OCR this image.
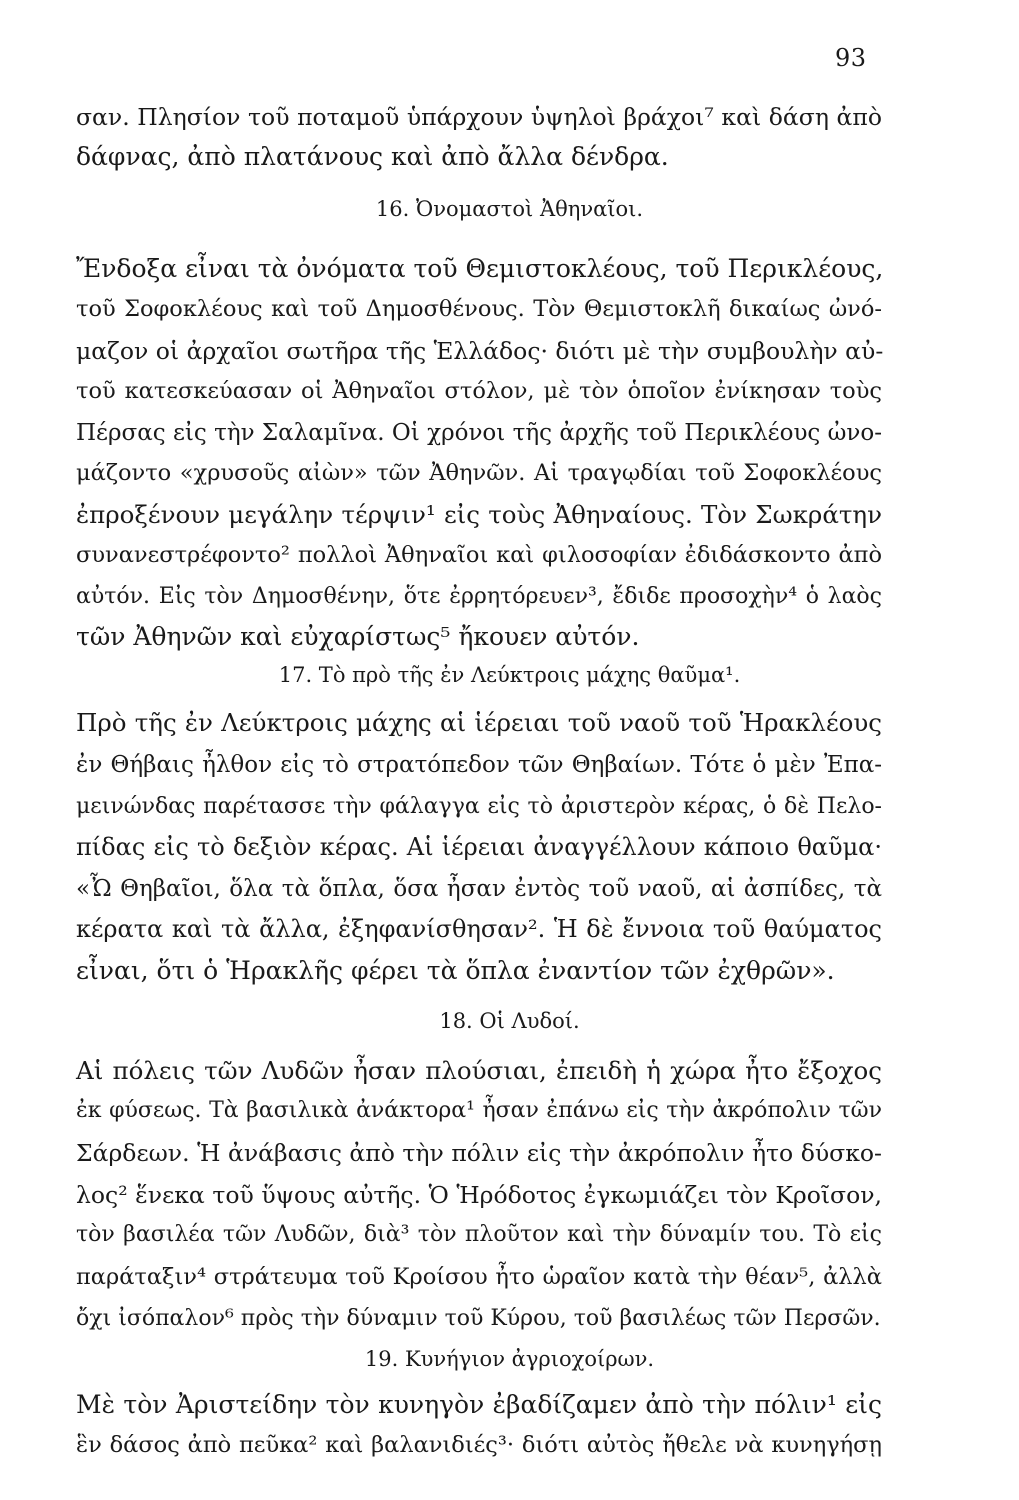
93
σαν. Πλησίον τοῦ ποταμοῦ ὑπάρχουν ὑψηλοὶ βράχοι⁷ καὶ δάση ἀπὸ
δάφνας, ἀπὸ πλατάνους καὶ ἀπὸ ἄλλα δένδρα.
16. Ὀνομαστοὶ Ἀθηναῖοι.
Ἔνδοξα εἶναι τὰ ὀνόματα τοῦ Θεμιστοκλέους, τοῦ Περικλέους,
τοῦ Σοφοκλέους καὶ τοῦ Δημοσθένους. Τὸν Θεμιστοκλῆ δικαίως ὠνό-
μαζον οἱ ἀρχαῖοι σωτῆρα τῆς Ἑλλάδος· διότι μὲ τὴν συμβουλὴν αὐ-
τοῦ κατεσκεύασαν οἱ Ἀθηναῖοι στόλον, μὲ τὸν ὁποῖον ἐνίκησαν τοὺς
Πέρσας εἰς τὴν Σαλαμῖνα. Οἱ χρόνοι τῆς ἀρχῆς τοῦ Περικλέους ὠνο-
μάζοντο «χρυσοῦς αἰὼν» τῶν Ἀθηνῶν. Αἱ τραγῳδίαι τοῦ Σοφοκλέους
ἐπροξένουν μεγάλην τέρψιν¹ εἰς τοὺς Ἀθηναίους. Τὸν Σωκράτην
συνανεστρέφοντο² πολλοὶ Ἀθηναῖοι καὶ φιλοσοφίαν ἐδιδάσκοντο ἀπὸ
αὐτόν. Εἰς τὸν Δημοσθένην, ὅτε ἐρρητόρευεν³, ἔδιδε προσοχὴν⁴ ὁ λαὸς
τῶν Ἀθηνῶν καὶ εὐχαρίστως⁵ ἤκουεν αὐτόν.
17. Τὸ πρὸ τῆς ἐν Λεύκτροις μάχης θαῦμα¹.
Πρὸ τῆς ἐν Λεύκτροις μάχης αἱ ἱέρειαι τοῦ ναοῦ τοῦ Ἡρακλέους
ἐν Θήβαις ἦλθον εἰς τὸ στρατόπεδον τῶν Θηβαίων. Τότε ὁ μὲν Ἐπα-
μεινώνδας παρέτασσε τὴν φάλαγγα εἰς τὸ ἀριστερὸν κέρας, ὁ δὲ Πελο-
πίδας εἰς τὸ δεξιὸν κέρας. Αἱ ἱέρειαι ἀναγγέλλουν κάποιο θαῦμα·
«Ὦ Θηβαῖοι, ὅλα τὰ ὅπλα, ὅσα ἦσαν ἐντὸς τοῦ ναοῦ, αἱ ἀσπίδες, τὰ
κέρατα καὶ τὰ ἄλλα, ἐξηφανίσθησαν². Ἡ δὲ ἔννοια τοῦ θαύματος
εἶναι, ὅτι ὁ Ἡρακλῆς φέρει τὰ ὅπλα ἐναντίον τῶν ἐχθρῶν».
18. Οἱ Λυδοί.
Αἱ πόλεις τῶν Λυδῶν ἦσαν πλούσιαι, ἐπειδὴ ἡ χώρα ἦτο ἔξοχος
ἐκ φύσεως. Τὰ βασιλικὰ ἀνάκτορα¹ ἦσαν ἐπάνω εἰς τὴν ἀκρόπολιν τῶν
Σάρδεων. Ἡ ἀνάβασις ἀπὸ τὴν πόλιν εἰς τὴν ἀκρόπολιν ἦτο δύσκο-
λος² ἕνεκα τοῦ ὕψους αὐτῆς. Ὁ Ἡρόδοτος ἐγκωμιάζει τὸν Κροῖσον,
τὸν βασιλέα τῶν Λυδῶν, διὰ³ τὸν πλοῦτον καὶ τὴν δύναμίν του. Τὸ εἰς
παράταξιν⁴ στράτευμα τοῦ Κροίσου ἦτο ὡραῖον κατὰ τὴν θέαν⁵, ἀλλὰ
ὄχι ἰσόπαλον⁶ πρὸς τὴν δύναμιν τοῦ Κύρου, τοῦ βασιλέως τῶν Περσῶν.
19. Κυνήγιον ἀγριοχοίρων.
Μὲ τὸν Ἀριστείδην τὸν κυνηγὸν ἐβαδίζαμεν ἀπὸ τὴν πόλιν¹ εἰς
ἓν δάσος ἀπὸ πεῦκα² καὶ βαλανιδιές³· διότι αὐτὸς ἤθελε νὰ κυνηγήσῃ
